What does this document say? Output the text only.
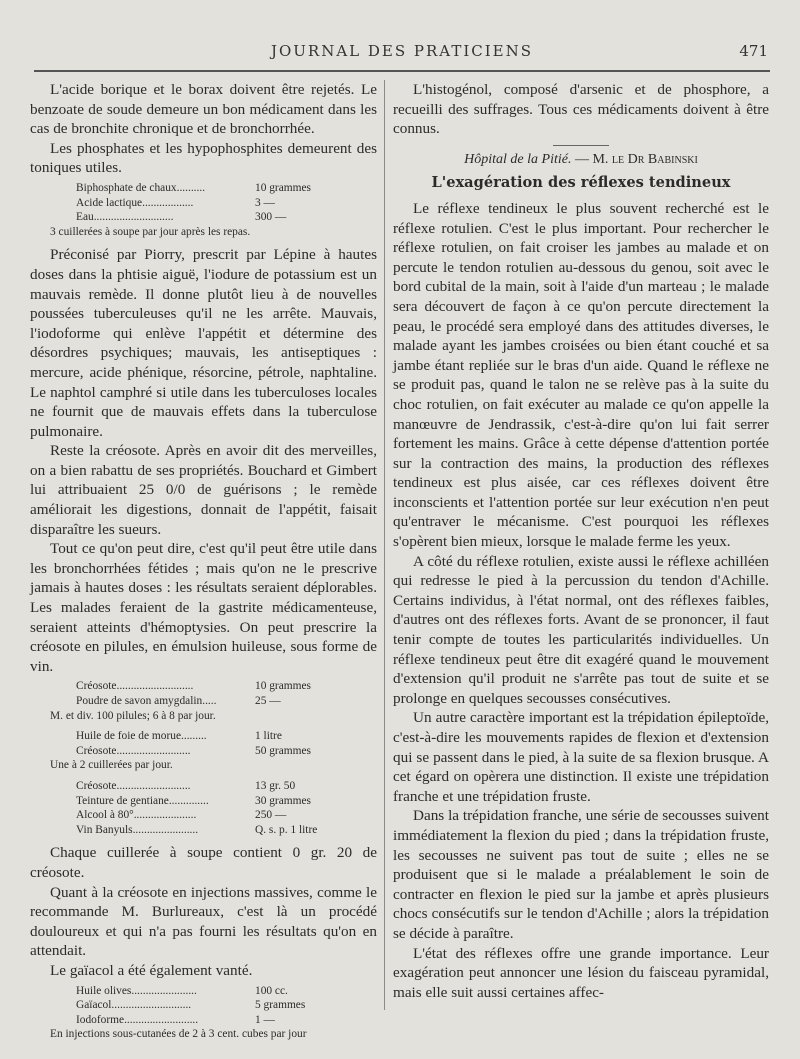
JOURNAL DES PRATICIENS	471

L'acide borique et le borax doivent être rejetés. Le benzoate de soude demeure un bon médicament dans les cas de bronchite chronique et de bronchorrhée.

Les phosphates et les hypophosphites demeurent des toniques utiles.

Biphosphate de chaux..........	10 grammes
Acide lactique..................	3 —
Eau............................	300 —
3 cuillerées à soupe par jour après les repas.

Préconisé par Piorry, prescrit par Lépine à hautes doses dans la phtisie aiguë, l'iodure de potassium est un mauvais remède. Il donne plutôt lieu à de nouvelles poussées tuberculeuses qu'il ne les arrête. Mauvais, l'iodoforme qui enlève l'appétit et détermine des désordres psychiques; mauvais, les antiseptiques : mercure, acide phénique, résorcine, pétrole, naphtaline. Le naphtol camphré si utile dans les tuberculoses locales ne fournit que de mauvais effets dans la tuberculose pulmonaire.

Reste la créosote. Après en avoir dit des merveilles, on a bien rabattu de ses propriétés. Bouchard et Gimbert lui attribuaient 25 0/0 de guérisons ; le remède améliorait les digestions, donnait de l'appétit, faisait disparaître les sueurs.

Tout ce qu'on peut dire, c'est qu'il peut être utile dans les bronchorrhées fétides ; mais qu'on ne le prescrive jamais à hautes doses : les résultats seraient déplorables. Les malades feraient de la gastrite médicamenteuse, seraient atteints d'hémoptysies. On peut prescrire la créosote en pilules, en émulsion huileuse, sous forme de vin.

Créosote...........................	10 grammes
Poudre de savon amygdalin.....	25 —
M. et div. 100 pilules; 6 à 8 par jour.
Huile de foie de morue.........	1 litre
Créosote..........................	50 grammes
Une à 2 cuillerées par jour.
Créosote..........................	13 gr. 50
Teinture de gentiane..............	30 grammes
Alcool à 80°......................	250 —
Vin Banyuls.......................	Q. s. p. 1 litre

Chaque cuillerée à soupe contient 0 gr. 20 de créosote.

Quant à la créosote en injections massives, comme le recommande M. Burlureaux, c'est là un procédé douloureux et qui n'a pas fourni les résultats qu'on en attendait.

Le gaïacol a été également vanté.

Huile olives.......................	100 cc.
Gaïacol............................	5 grammes
Iodoforme..........................	1 —
En injections sous-cutanées de 2 à 3 cent. cubes par jour

L'histogénol, composé d'arsenic et de phosphore, a recueilli des suffrages. Tous ces médicaments doivent à être connus.

Hôpital de la Pitié. — M. le Dr Babinski
L'exagération des réflexes tendineux

Le réflexe tendineux le plus souvent recherché est le réflexe rotulien. C'est le plus important. Pour rechercher le réflexe rotulien, on fait croiser les jambes au malade et on percute le tendon rotulien au-dessous du genou, soit avec le bord cubital de la main, soit à l'aide d'un marteau ; le malade sera découvert de façon à ce qu'on percute directement la peau, le procédé sera employé dans des attitudes diverses, le malade ayant les jambes croisées ou bien étant couché et sa jambe étant repliée sur le bras d'un aide. Quand le réflexe ne se produit pas, quand le talon ne se relève pas à la suite du choc rotulien, on fait exécuter au malade ce qu'on appelle la manœuvre de Jendrassik, c'est-à-dire qu'on lui fait serrer fortement les mains. Grâce à cette dépense d'attention portée sur la contraction des mains, la production des réflexes tendineux est plus aisée, car ces réflexes doivent être inconscients et l'attention portée sur leur exécution n'en peut qu'entraver le mécanisme. C'est pourquoi les réflexes s'opèrent bien mieux, lorsque le malade ferme les yeux.

A côté du réflexe rotulien, existe aussi le réflexe achilléen qui redresse le pied à la percussion du tendon d'Achille. Certains individus, à l'état normal, ont des réflexes faibles, d'autres ont des réflexes forts. Avant de se prononcer, il faut tenir compte de toutes les particularités individuelles. Un réflexe tendineux peut être dit exagéré quand le mouvement d'extension qu'il produit ne s'arrête pas tout de suite et se prolonge en quelques secousses consécutives.

Un autre caractère important est la trépidation épileptoïde, c'est-à-dire les mouvements rapides de flexion et d'extension qui se passent dans le pied, à la suite de sa flexion brusque. A cet égard on opèrera une distinction. Il existe une trépidation franche et une trépidation fruste.

Dans la trépidation franche, une série de secousses suivent immédiatement la flexion du pied ; dans la trépidation fruste, les secousses ne suivent pas tout de suite ; elles ne se produisent que si le malade a préalablement le soin de contracter en flexion le pied sur la jambe et après plusieurs chocs consécutifs sur le tendon d'Achille ; alors la trépidation se décide à paraître.

L'état des réflexes offre une grande importance. Leur exagération peut annoncer une lésion du faisceau pyramidal, mais elle suit aussi certaines affec-
